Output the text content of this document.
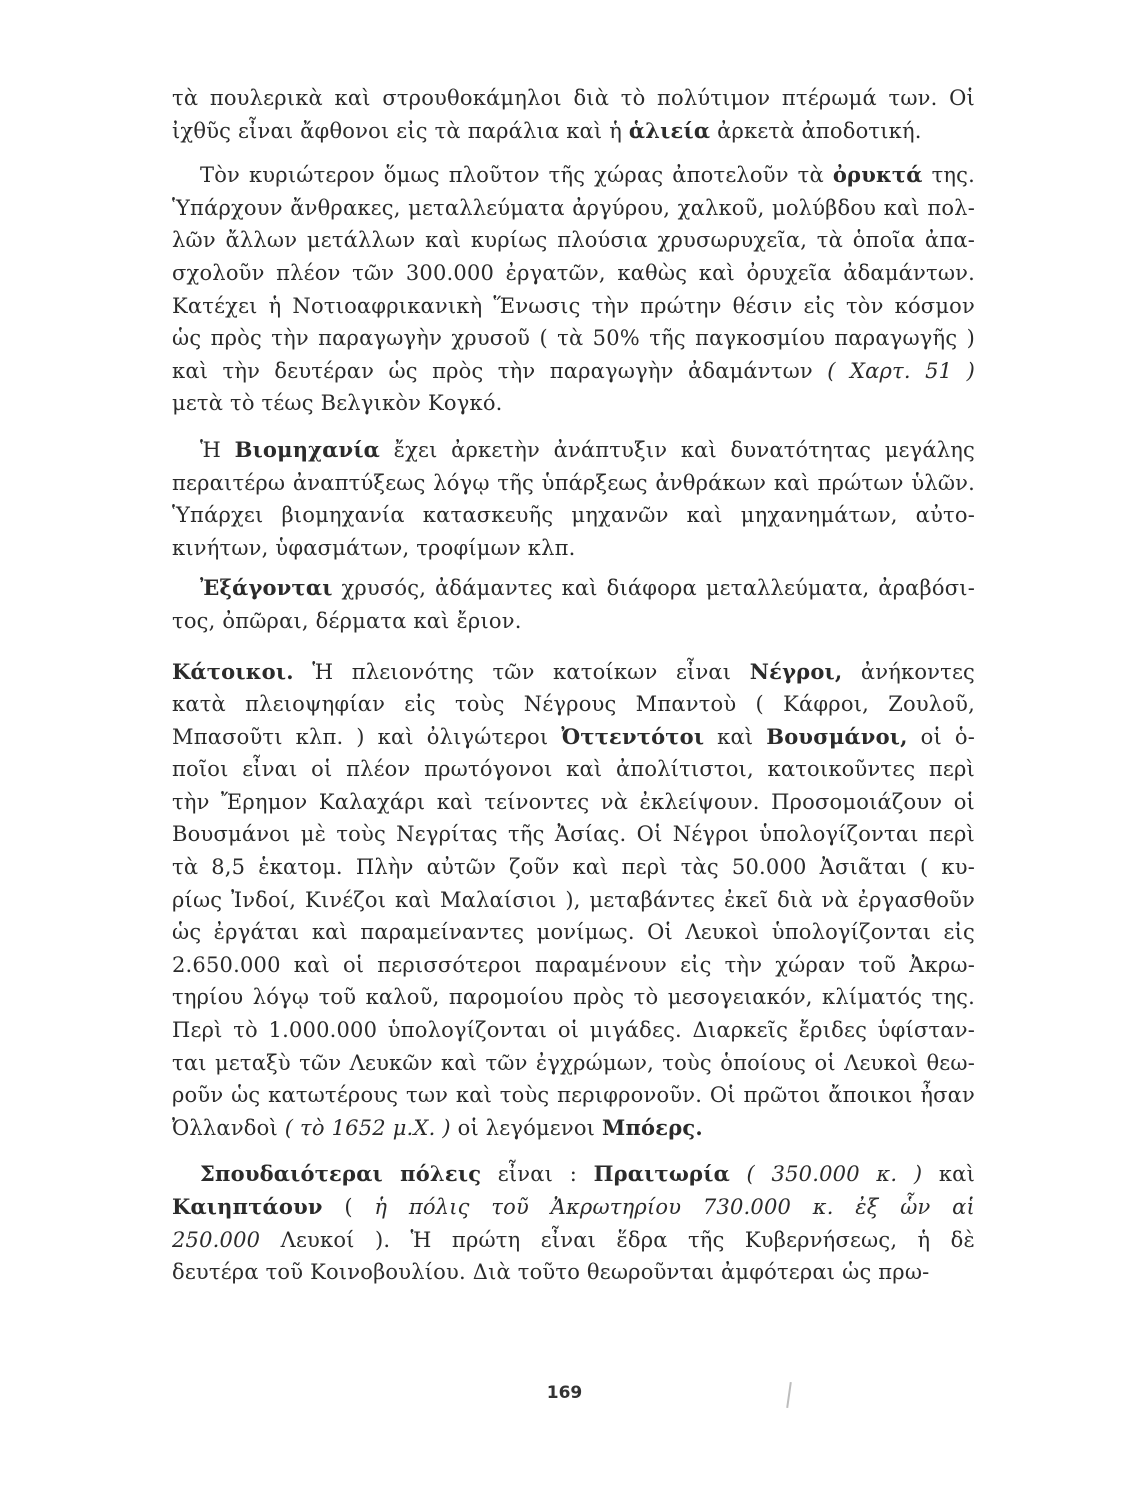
τὰ πουλερικὰ καὶ στρουθοκάμηλοι διὰ τὸ πολύτιμον πτέρωμά των. Οἱ
ἰχθῦς εἶναι ἄφθονοι εἰς τὰ παράλια καὶ ἡ ἁλιεία ἀρκετὰ ἀποδοτική.
Τὸν κυριώτερον ὅμως πλοῦτον τῆς χώρας ἀποτελοῦν τὰ ὀρυκτά της.
Ὑπάρχουν ἄνθρακες, μεταλλεύματα ἀργύρου, χαλκοῦ, μολύβδου καὶ πολ-
λῶν ἄλλων μετάλλων καὶ κυρίως πλούσια χρυσωρυχεῖα, τὰ ὁποῖα ἀπα-
σχολοῦν πλέον τῶν 300.000 ἐργατῶν, καθὼς καὶ ὀρυχεῖα ἀδαμάντων.
Κατέχει ἡ Νοτιοαφρικανικὴ Ἕνωσις τὴν πρώτην θέσιν εἰς τὸν κόσμον
ὡς πρὸς τὴν παραγωγὴν χρυσοῦ ( τὰ 50% τῆς παγκοσμίου παραγωγῆς )
καὶ τὴν δευτέραν ὡς πρὸς τὴν παραγωγὴν ἀδαμάντων ( Χαρτ. 51 )
μετὰ τὸ τέως Βελγικὸν Κογκό.
Ἡ Βιομηχανία ἔχει ἀρκετὴν ἀνάπτυξιν καὶ δυνατότητας μεγάλης
περαιτέρω ἀναπτύξεως λόγῳ τῆς ὑπάρξεως ἀνθράκων καὶ πρώτων ὑλῶν.
Ὑπάρχει βιομηχανία κατασκευῆς μηχανῶν καὶ μηχανημάτων, αὐτο-
κινήτων, ὑφασμάτων, τροφίμων κλπ.
Ἐξάγονται χρυσός, ἀδάμαντες καὶ διάφορα μεταλλεύματα, ἀραβόσι-
τος, ὀπῶραι, δέρματα καὶ ἔριον.
Κάτοικοι. Ἡ πλειονότης τῶν κατοίκων εἶναι Νέγροι, ἀνήκοντες
κατὰ πλειοψηφίαν εἰς τοὺς Νέγρους Μπαντοὺ ( Κάφροι, Ζουλοῦ,
Μπασοῦτι κλπ. ) καὶ ὀλιγώτεροι Ὀττεντότοι καὶ Βουσμάνοι, οἱ ὁ-
ποῖοι εἶναι οἱ πλέον πρωτόγονοι καὶ ἀπολίτιστοι, κατοικοῦντες περὶ
τὴν Ἔρημον Καλαχάρι καὶ τείνοντες νὰ ἐκλείψουν. Προσομοιάζουν οἱ
Βουσμάνοι μὲ τοὺς Νεγρίτας τῆς Ἀσίας. Οἱ Νέγροι ὑπολογίζονται περὶ
τὰ 8,5 ἑκατομ. Πλὴν αὐτῶν ζοῦν καὶ περὶ τὰς 50.000 Ἀσιᾶται ( κυ-
ρίως Ἰνδοί, Κινέζοι καὶ Μαλαίσιοι ), μεταβάντες ἐκεῖ διὰ νὰ ἐργασθοῦν
ὡς ἐργάται καὶ παραμείναντες μονίμως. Οἱ Λευκοὶ ὑπολογίζονται εἰς
2.650.000 καὶ οἱ περισσότεροι παραμένουν εἰς τὴν χώραν τοῦ Ἀκρω-
τηρίου λόγῳ τοῦ καλοῦ, παρομοίου πρὸς τὸ μεσογειακόν, κλίματός της.
Περὶ τὸ 1.000.000 ὑπολογίζονται οἱ μιγάδες. Διαρκεῖς ἔριδες ὑφίσταν-
ται μεταξὺ τῶν Λευκῶν καὶ τῶν ἐγχρώμων, τοὺς ὁποίους οἱ Λευκοὶ θεω-
ροῦν ὡς κατωτέρους των καὶ τοὺς περιφρονοῦν. Οἱ πρῶτοι ἄποικοι ἦσαν
Ὀλλανδοὶ ( τὸ 1652 μ.Χ. ) οἱ λεγόμενοι Μπόερς.
Σπουδαιότεραι πόλεις εἶναι : Πραιτωρία ( 350.000 κ. ) καὶ
Καιηπτάουν ( ἡ πόλις τοῦ Ἀκρωτηρίου 730.000 κ. ἐξ ὧν αἱ
250.000 Λευκοί ). Ἡ πρώτη εἶναι ἕδρα τῆς Κυβερνήσεως, ἡ δὲ
δευτέρα τοῦ Κοινοβουλίου. Διὰ τοῦτο θεωροῦνται ἀμφότεραι ὡς πρω-
169
